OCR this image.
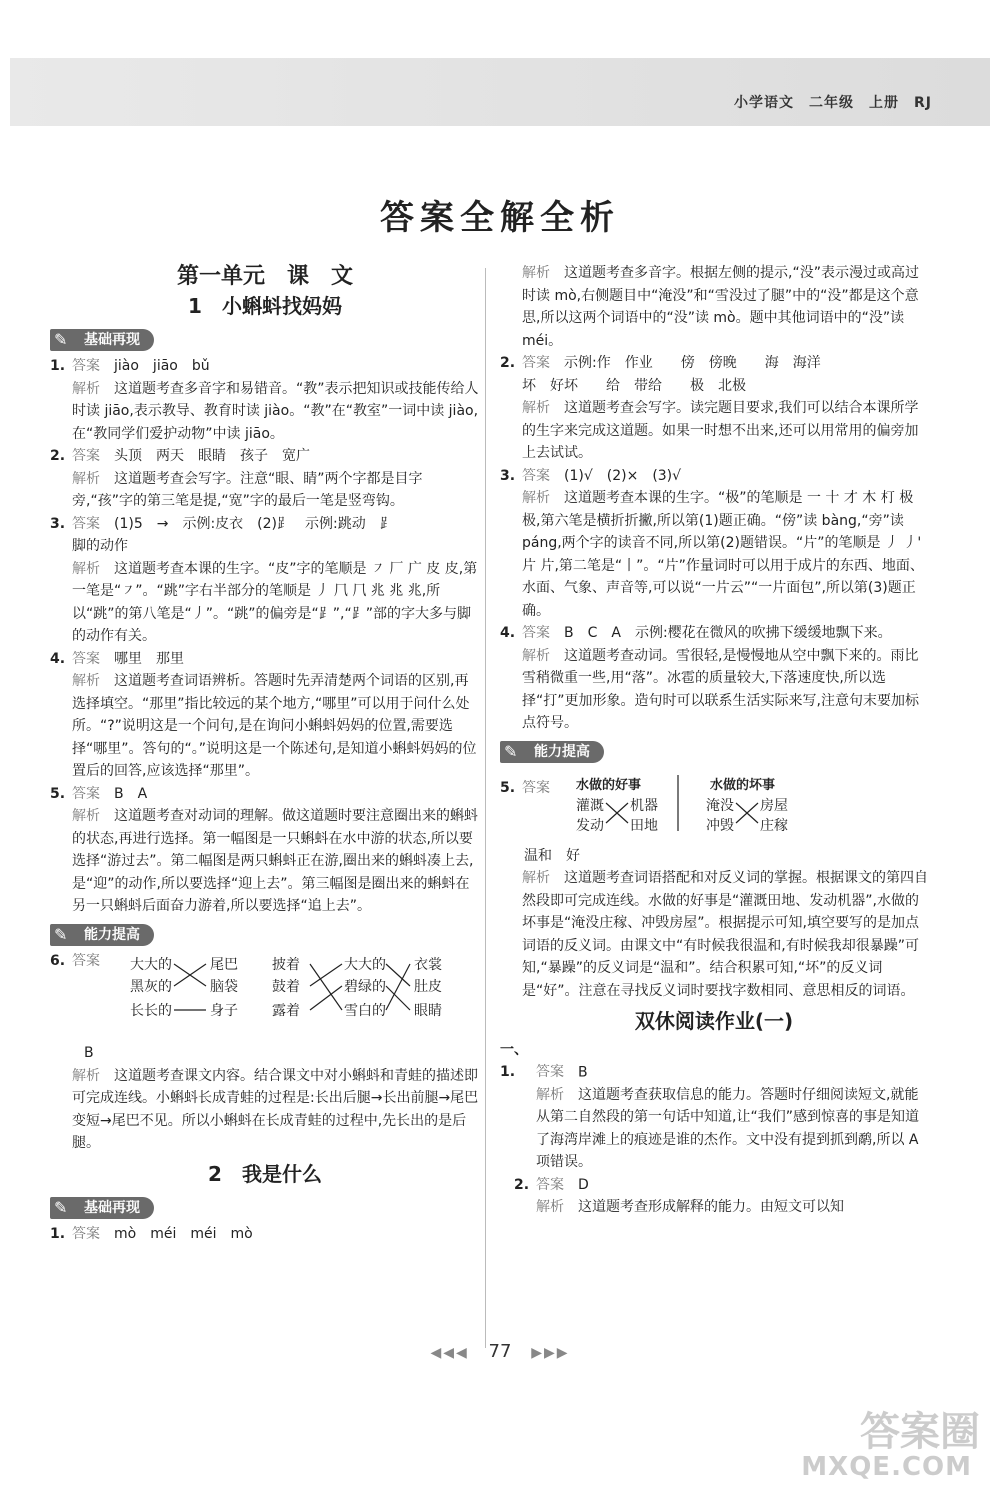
小学语文　二年级　上册　RJ
答案全解全析
第一单元　课　文
1　小蝌蚪找妈妈
✎ 基础再现

1. 答案 jiào　jiāo　bǔ

解析 这道题考查多音字和易错音。“教”表示把知识或技能传给人时读 jiāo,表示教导、教育时读 jiào。“教”在“教室”一词中读 jiào,在“教同学们爱护动物”中读 jiāo。

2. 答案 头顶　两天　眼睛　孩子　宽广

解析 这道题考查会写字。注意“眼、睛”两个字都是目字旁,“孩”字的第三笔是提,“宽”字的最后一笔是竖弯钩。

3. 答案 (1)5　→　示例:皮衣　(2)⻊　示例:跳动　⻊

脚的动作

解析 这道题考查本课的生字。“皮”字的笔顺是 ㇇ 厂 广 皮 皮,第一笔是“㇇”。“跳”字右半部分的笔顺是 丿 ⺇ ⺇ 兆 兆 兆,所以“跳”的第八笔是“丿”。“跳”的偏旁是“⻊”,“⻊”部的字大多与脚的动作有关。

4. 答案 哪里　那里

解析 这道题考查词语辨析。答题时先弄清楚两个词语的区别,再选择填空。“那里”指比较远的某个地方,“哪里”可以用于问什么处所。“?”说明这是一个问句,是在询问小蝌蚪妈妈的位置,需要选择“哪里”。答句的“。”说明这是一个陈述句,是知道小蝌蚪妈妈的位置后的回答,应该选择“那里”。

5. 答案 B　A

解析 这道题考查对动词的理解。做这道题时要注意圈出来的蝌蚪的状态,再进行选择。第一幅图是一只蝌蚪在水中游的状态,所以要选择“游过去”。第二幅图是两只蝌蚪正在游,圈出来的蝌蚪凑上去,是“迎”的动作,所以要选择“迎上去”。第三幅图是圈出来的蝌蚪在另一只蝌蚪后面奋力游着,所以要选择“追上去”。

✎ 能力提高

6. 答案	大大的
黑灰的
长长的
尾巴
脑袋
身子
披着
鼓着
露着
大大的
碧绿的
雪白的
衣裳
肚皮
眼睛

B

解析 这道题考查课文内容。结合课文中对小蝌蚪和青蛙的描述即可完成连线。小蝌蚪长成青蛙的过程是:长出后腿→长出前腿→尾巴变短→尾巴不见。所以小蝌蚪在长成青蛙的过程中,先长出的是后腿。

2　我是什么
✎ 基础再现

1. 答案 mò　méi　méi　mò

解析 这道题考查多音字。根据左侧的提示,“没”表示漫过或高过时读 mò,右侧题目中“淹没”和“雪没过了腿”中的“没”都是这个意思,所以这两个词语中的“没”读 mò。题中其他词语中的“没”读 méi。

2. 答案 示例:作　作业　　傍　傍晚　　海　海洋

坏　好坏　　给　带给　　极　北极

解析 这道题考查会写字。读完题目要求,我们可以结合本课所学的生字来完成这道题。如果一时想不出来,还可以用常用的偏旁加上去试试。

3. 答案 (1)√　(2)×　(3)√

解析 这道题考查本课的生字。“极”的笔顺是 一 十 才 木 朾 极 极,第六笔是横折折撇,所以第(1)题正确。“傍”读 bàng,“旁”读 páng,两个字的读音不同,所以第(2)题错误。“片”的笔顺是 丿 丿' 片 片,第二笔是“丨”。“片”作量词时可以用于成片的东西、地面、水面、气象、声音等,可以说“一片云”“一片面包”,所以第(3)题正确。

4. 答案 B　C　A　示例:樱花在微风的吹拂下缓缓地飘下来。

解析 这道题考查动词。雪很轻,是慢慢地从空中飘下来的。雨比雪稍微重一些,用“落”。冰雹的质量较大,下落速度快,所以选择“打”更加形象。造句时可以联系生活实际来写,注意句末要加标点符号。

✎ 能力提高
5. 答案 水做的好事	水做的坏事
灌溉
发动
机器
田地
淹没
冲毁
房屋
庄稼

温和　好

解析 这道题考查词语搭配和对反义词的掌握。根据课文的第四自然段即可完成连线。水做的好事是“灌溉田地、发动机器”,水做的坏事是“淹没庄稼、冲毁房屋”。根据提示可知,填空要写的是加点词语的反义词。由课文中“有时候我很温和,有时候我却很暴躁”可知,“暴躁”的反义词是“温和”。结合积累可知,“坏”的反义词是“好”。注意在寻找反义词时要找字数相同、意思相反的词语。

双休阅读作业(一)

一、1. 答案 B

解析 这道题考查获取信息的能力。答题时仔细阅读短文,就能从第二自然段的第一句话中知道,让“我们”感到惊喜的事是知道了海湾岸滩上的痕迹是谁的杰作。文中没有提到抓到鹬,所以 A 项错误。

2. 答案 D

解析 这道题考查形成解释的能力。由短文可以知

◀◀◀ 77 ▶▶▶
答案圈
MXQE.COM
